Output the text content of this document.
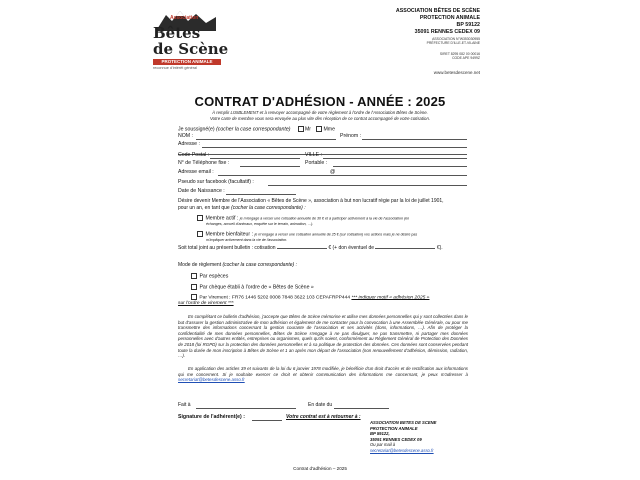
Association
Bêtes
de Scène
PROTECTION ANIMALE
reconnue d'intérêt général
ASSOCIATION BÊTES DE SCÈNE
PROTECTION ANIMALE
BP 59122
35091 RENNES CEDEX 09
ASSOCIATION N°W353030955
PRÉFECTURE D'ILLE-ET-VILAINE
SIRET 8295 082 00 00016
CODE APE 9499Z
www.betesdescene.net
CONTRAT D'ADHÉSION - ANNÉE : 2025
À remplir LISIBLEMENT et à renvoyer accompagné de votre règlement à l'ordre de l'Association Bêtes de Scène.
Votre carte de membre vous sera envoyée au plus vite dès réception de ce contrat accompagné de votre cotisation.
Je soussigné(e) (cocher la case correspondante)	Mr Mme
NOM :	Prénom :
Adresse :
Code Postal :	VILLE :
N° de Téléphone fixe :	Portable :
Adresse email :	@
Pseudo sur facebook (facultatif) :
Date de Naissance :
Désire devenir Membre de l'Association « Bêtes de Scène », association à but non lucratif régie par la loi de juillet 1901,
pour un an, en tant que (cocher la case correspondante) :
Membre actif : je m'engage à verser une cotisation annuelle de 30 € et à participer activement à la vie de l'association (en
échanges, accueil d'animaux, enquête sur le terrain, animation, …).
Membre bienfaiteur : je m'engage à verser une cotisation annuelle de 25 € (sur cotisation) vos actions mais je ne désire pas
m'impliquer activement dans la vie de l'association.
Soit total joint au présent bulletin : cotisation	€ (+ don éventuel de	€).
Mode de règlement (cocher la case correspondante) :
Par espèces
Par chèque établi à l'ordre de « Bêtes de Scène »
Par Virement : FR76 1446 5202 0008 7848 3622 103 CEPAFRPP444 *** indiquer motif « adhésion 2025 »
sur l'ordre de virement ***
En complétant ce bulletin d'adhésion, j'accepte que Bêtes de Scène mémorise et utilise mes données personnelles qui y sont collectées dans le but d'assurer la gestion administrative de mon adhésion et également de me contacter pour la convocation à une Assemblée Générale, ou pour me transmettre des informations concernant la gestion courante de l'association et ses activités (dons, informations, …). Afin de protéger la confidentialité de mes données personnelles, Bêtes de Scène s'engage à ne pas divulguer, ne pas transmettre, ni partager mes données personnelles avec d'autres entités, entreprises ou organismes, quels qu'ils soient, conformément au Règlement Général de Protection des Données de 2018 (loi RGPD) sur la protection des données personnelles et à sa politique de protection des données. Ces données sont conservées pendant toute la durée de mon inscription à Bêtes de Scène et 1 an après mon départ de l'association (non renouvellement d'adhésion, démission, radiation, …).
En application des articles 39 et suivants de la loi du 6 janvier 1978 modifiée, je bénéficie d'un droit d'accès et de rectification aux informations qui me concernent. Si je souhaite exercer ce droit et obtenir communication des informations me concernant, je peux m'adresser à secretariat@betesdescene.asso.fr
Fait à	En date du
Signature de l'adhérent(e) :	Votre contrat est à retourner à :
ASSOCIATION BETES DE SCENE
PROTECTION ANIMALE
BP 59122,
35091 RENNES CEDEX 09
Ou par mail à
secretariat@betesdescene.asso.fr
Contrat d'adhésion – 2025
